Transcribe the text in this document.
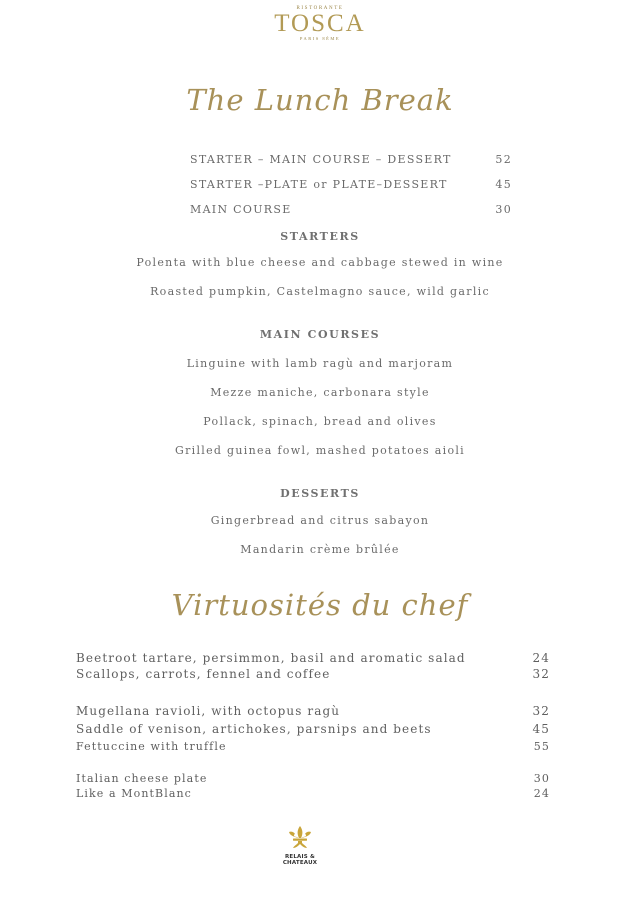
RISTORANTE
TOSCA
PARIS 8ÈME
The Lunch Break
STARTER – MAIN COURSE – DESSERT	52
STARTER –PLATE or PLATE–DESSERT	45
MAIN COURSE	30
STARTERS
Polenta with blue cheese and cabbage stewed in wine
Roasted pumpkin, Castelmagno sauce, wild garlic
MAIN COURSES
Linguine with lamb ragù and marjoram
Mezze maniche, carbonara style
Pollack, spinach, bread and olives
Grilled guinea fowl, mashed potatoes aioli
DESSERTS
Gingerbread and citrus sabayon
Mandarin crème brûlée
Virtuosités du chef
Beetroot tartare, persimmon, basil and aromatic salad	24
Scallops, carrots, fennel and coffee	32
Mugellana ravioli, with octopus ragù	32
Saddle of venison, artichokes, parsnips and beets	45
Fettuccine with truffle	55
Italian cheese plate	30
Like a MontBlanc	24
RELAIS &
CHATEAUX
